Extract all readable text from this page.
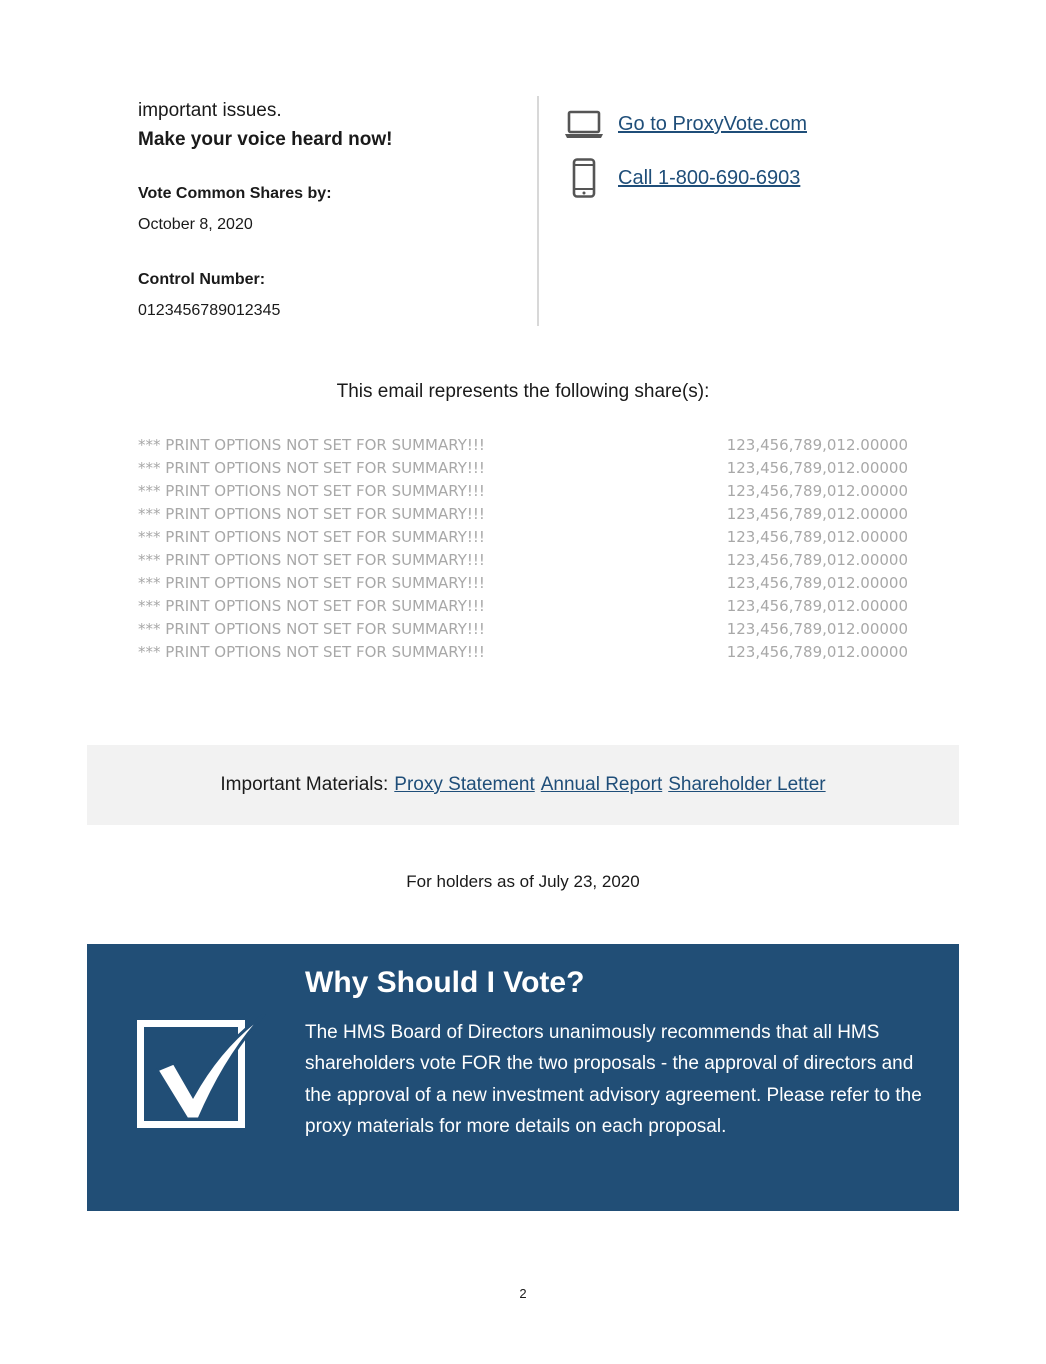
important issues.
Make your voice heard now!
Vote Common Shares by:
October 8, 2020
Control Number:
0123456789012345
Go to ProxyVote.com
Call 1-800-690-6903
This email represents the following share(s):
*** PRINT OPTIONS NOT SET FOR SUMMARY!!!	123,456,789,012.00000
*** PRINT OPTIONS NOT SET FOR SUMMARY!!!	123,456,789,012.00000
*** PRINT OPTIONS NOT SET FOR SUMMARY!!!	123,456,789,012.00000
*** PRINT OPTIONS NOT SET FOR SUMMARY!!!	123,456,789,012.00000
*** PRINT OPTIONS NOT SET FOR SUMMARY!!!	123,456,789,012.00000
*** PRINT OPTIONS NOT SET FOR SUMMARY!!!	123,456,789,012.00000
*** PRINT OPTIONS NOT SET FOR SUMMARY!!!	123,456,789,012.00000
*** PRINT OPTIONS NOT SET FOR SUMMARY!!!	123,456,789,012.00000
*** PRINT OPTIONS NOT SET FOR SUMMARY!!!	123,456,789,012.00000
*** PRINT OPTIONS NOT SET FOR SUMMARY!!!	123,456,789,012.00000
Important Materials: Proxy Statement Annual Report Shareholder Letter
For holders as of July 23, 2020
Why Should I Vote?
The HMS Board of Directors unanimously recommends that all HMS shareholders vote FOR the two proposals - the approval of directors and the approval of a new investment advisory agreement. Please refer to the proxy materials for more details on each proposal.
2
